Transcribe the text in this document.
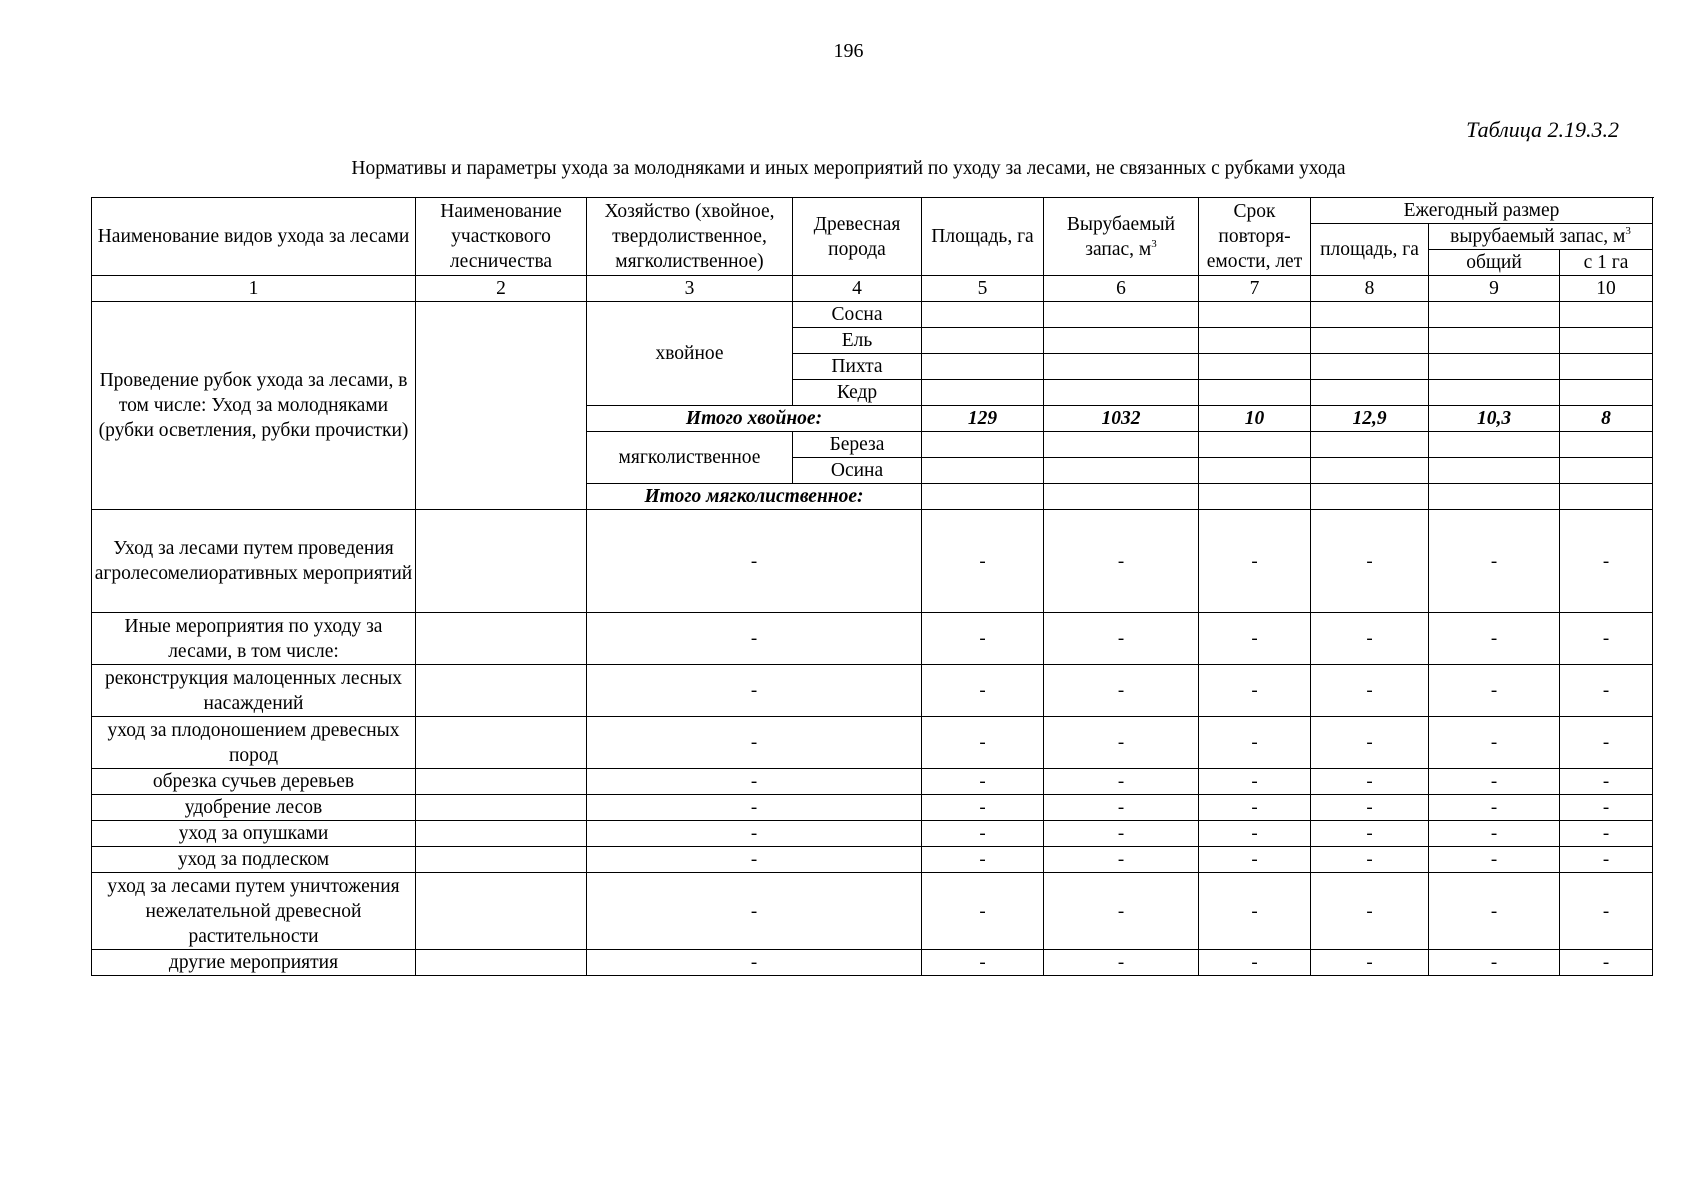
196
Таблица 2.19.3.2
Нормативы и параметры ухода за молодняками и иных мероприятий по уходу за лесами, не связанных с рубками ухода
Наименование видов ухода за лесами	Наименование участкового лесничества	Хозяйство (хвойное, твердолиственное, мягколиственное)	Древесная порода	Площадь, га	Вырубаемый запас, $м^3$	Срок повторя-емости, лет	Ежегодный размер		
							площадь, га	вырубаемый запас, $м^3$
								общий	с 1 га
1	2	3	4	5	6	7	8	9	10
Проведение рубок ухода за лесами, в том числе: Уход за молодняками (рубки осветления, рубки прочистки)		хвойное	Сосна						
			Ель						
			Пихта						
			Кедр						
		Итого хвойное:		129	1032	10	12,9	10,3	8
		мягколиственное	Береза						
			Осина						
		Итого мягколиственное:							
Уход за лесами путем проведения агролесомелиоративных мероприятий		-		-	-	-	-	-	-
Иные мероприятия по уходу за лесами, в том числе:		-		-	-	-	-	-	-
реконструкция малоценных лесных насаждений		-		-	-	-	-	-	-
уход за плодоношением древесных пород		-		-	-	-	-	-	-
обрезка сучьев деревьев		-		-	-	-	-	-	-
удобрение лесов		-		-	-	-	-	-	-
уход за опушками		-		-	-	-	-	-	-
уход за подлеском		-		-	-	-	-	-	-
уход за лесами путем уничтожения нежелательной древесной растительности		-		-	-	-	-	-	-
другие мероприятия		-		-	-	-	-	-	-
